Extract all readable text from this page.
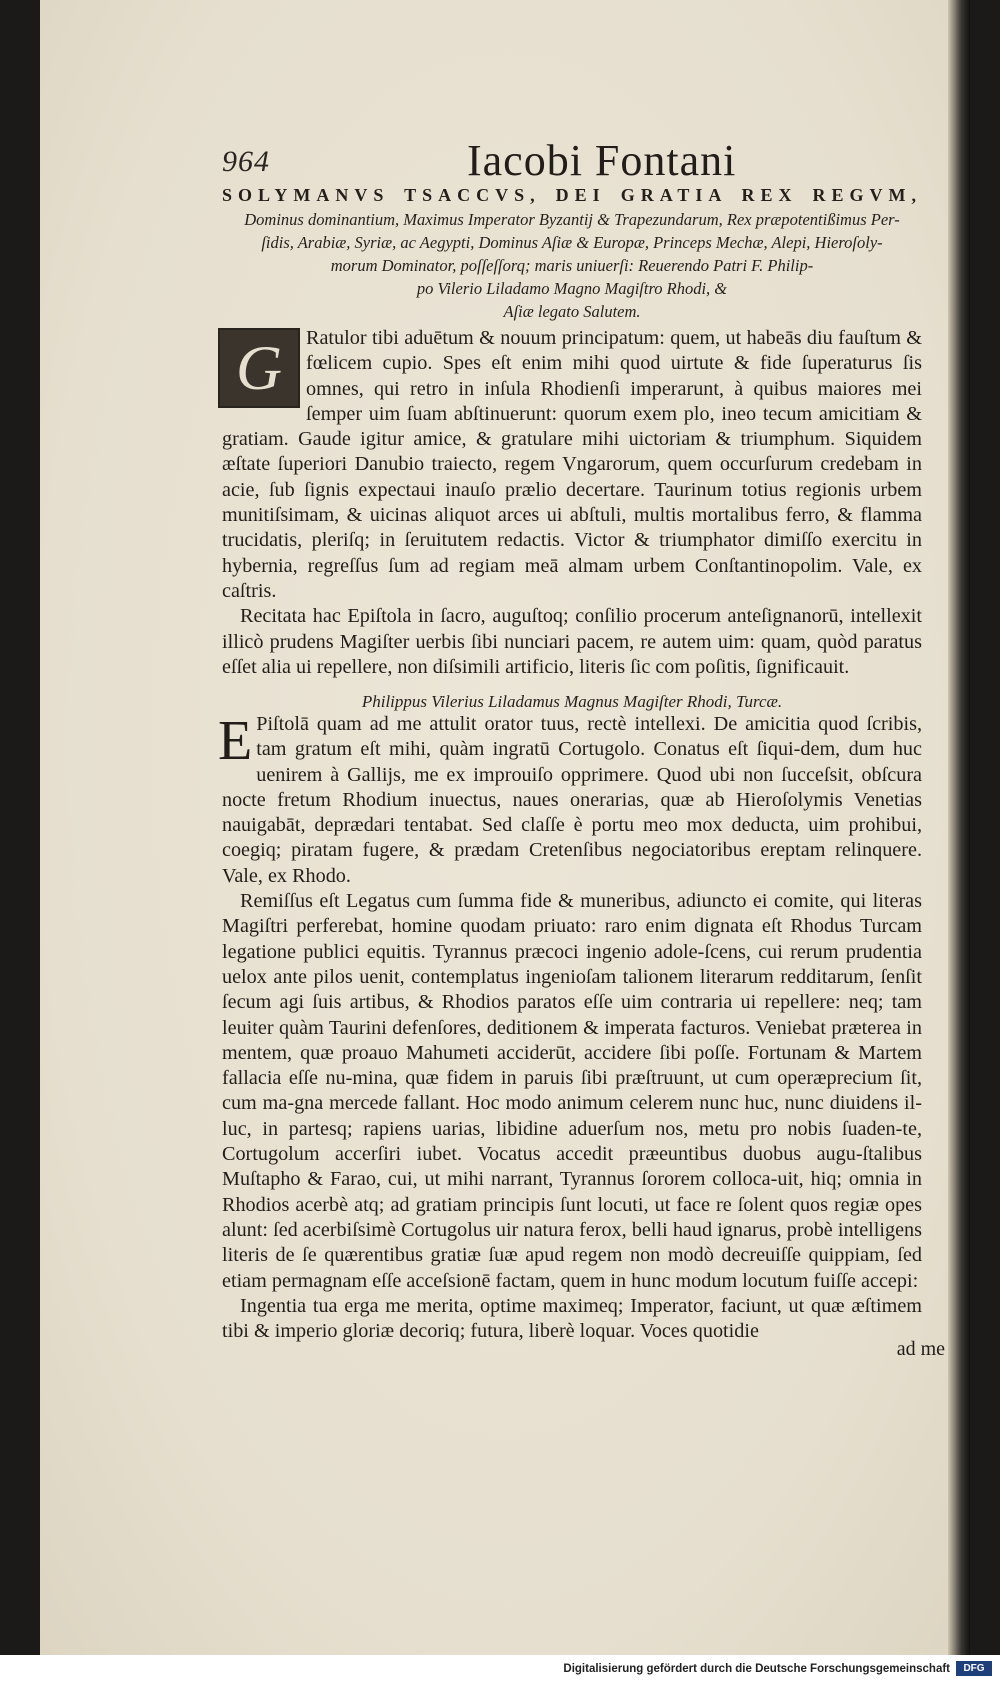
964	Iacobi Fontani
SOLYMANVS TSACCVS, DEI GRATIA REX REGVM,
Dominus dominantium, Maximus Imperator Byzantij & Trapezundarum, Rex præpotentißimus Per-
ſidis, Arabiæ, Syriæ, ac Aegypti, Dominus Aſiæ & Europæ, Princeps Mechæ, Alepi, Hieroſoly-
morum Dominator, poſſeſſorq; maris uniuerſi: Reuerendo Patri F. Philip-
po Vilerio Liladamo Magno Magiſtro Rhodi, &
Aſiæ legato Salutem.

G	Ratulor tibi aduētum & nouum principatum: quem, ut habeās diu fauſtum & fœlicem cupio. Spes eſt enim mihi quod uirtute & fide ſuperaturus ſis omnes, qui retro in inſula Rhodienſi imperarunt, à quibus maiores mei ſemper uim ſuam abſtinuerunt: quorum exem plo, ineo tecum amicitiam & gratiam. Gaude igitur amice, & gratulare mihi uictoriam & triumphum. Siquidem æſtate ſuperiori Danubio traiecto, regem Vngarorum, quem occurſurum credebam in acie, ſub ſignis expectaui inauſo prælio decertare. Taurinum totius regionis urbem munitiſsimam, & uicinas aliquot arces ui abſtuli, multis mortalibus ferro, & flamma trucidatis, pleriſq; in ſeruitutem redactis. Victor & triumphator dimiſſo exercitu in hybernia, regreſſus ſum ad regiam meā almam urbem Conſtantinopolim. Vale, ex caſtris.

Recitata hac Epiſtola in ſacro, auguſtoq; conſilio procerum anteſignanorū, intellexit illicò prudens Magiſter uerbis ſibi nunciari pacem, re autem uim: quam, quòd paratus eſſet alia ui repellere, non diſsimili artificio, literis ſic com poſitis, ſignificauit.

Philippus Vilerius Liladamus Magnus Magiſter Rhodi, Turcæ.

E Piſtolā quam ad me attulit orator tuus, rectè intellexi. De amicitia quod ſcribis, tam gratum eſt mihi, quàm ingratū Cortugolo. Conatus eſt ſiqui-dem, dum huc uenirem à Gallijs, me ex improuiſo opprimere. Quod ubi non ſucceſsit, obſcura nocte fretum Rhodium inuectus, naues onerarias, quæ ab Hieroſolymis Venetias nauigabāt, deprædari tentabat. Sed claſſe è portu meo mox deducta, uim prohibui, coegiq; piratam fugere, & prædam Cretenſibus negociatoribus ereptam relinquere. Vale, ex Rhodo.

Remiſſus eſt Legatus cum ſumma fide & muneribus, adiuncto ei comite, qui literas Magiſtri perferebat, homine quodam priuato: raro enim dignata eſt Rhodus Turcam legatione publici equitis. Tyrannus præcoci ingenio adole-ſcens, cui rerum prudentia uelox ante pilos uenit, contemplatus ingenioſam talionem literarum redditarum, ſenſit ſecum agi ſuis artibus, & Rhodios paratos eſſe uim contraria ui repellere: neq; tam leuiter quàm Taurini defenſores, deditionem & imperata facturos. Veniebat præterea in mentem, quæ proauo Mahumeti acciderūt, accidere ſibi poſſe. Fortunam & Martem fallacia eſſe nu-mina, quæ fidem in paruis ſibi præſtruunt, ut cum operæprecium ſit, cum ma-gna mercede fallant. Hoc modo animum celerem nunc huc, nunc diuidens il-luc, in partesq; rapiens uarias, libidine aduerſum nos, metu pro nobis ſuaden-te, Cortugolum accerſiri iubet. Vocatus accedit præeuntibus duobus augu-ſtalibus Muſtapho & Farao, cui, ut mihi narrant, Tyrannus ſororem colloca-uit, hiq; omnia in Rhodios acerbè atq; ad gratiam principis ſunt locuti, ut face re ſolent quos regiæ opes alunt: ſed acerbiſsimè Cortugolus uir natura ferox, belli haud ignarus, probè intelligens literis de ſe quærentibus gratiæ ſuæ apud regem non modò decreuiſſe quippiam, ſed etiam permagnam eſſe acceſsionē factam, quem in hunc modum locutum fuiſſe accepi:

Ingentia tua erga me merita, optime maximeq; Imperator, faciunt, ut quæ æſtimem tibi & imperio gloriæ decoriq; futura, liberè loquar. Voces quotidie

ad me
Digitalisierung gefördert durch die Deutsche Forschungsgemeinschaft	DFG
